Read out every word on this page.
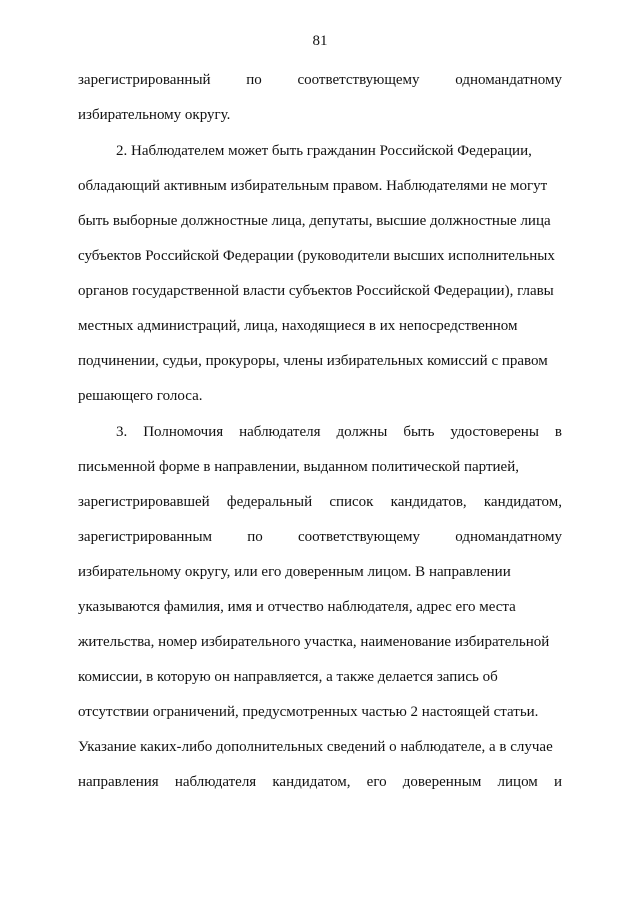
81
зарегистрированный по соответствующему одномандатному
избирательному округу.
2. Наблюдателем может быть гражданин Российской Федерации,
обладающий активным избирательным правом. Наблюдателями не могут
быть выборные должностные лица, депутаты, высшие должностные лица
субъектов Российской Федерации (руководители высших исполнительных
органов государственной власти субъектов Российской Федерации), главы
местных администраций, лица, находящиеся в их непосредственном
подчинении, судьи, прокуроры, члены избирательных комиссий с правом
решающего голоса.
3. Полномочия наблюдателя должны быть удостоверены в
письменной форме в направлении, выданном политической партией,
зарегистрировавшей федеральный список кандидатов, кандидатом,
зарегистрированным по соответствующему одномандатному
избирательному округу, или его доверенным лицом. В направлении
указываются фамилия, имя и отчество наблюдателя, адрес его места
жительства, номер избирательного участка, наименование избирательной
комиссии, в которую он направляется, а также делается запись об
отсутствии ограничений, предусмотренных частью 2 настоящей статьи.
Указание каких-либо дополнительных сведений о наблюдателе, а в случае
направления наблюдателя кандидатом, его доверенным лицом и
